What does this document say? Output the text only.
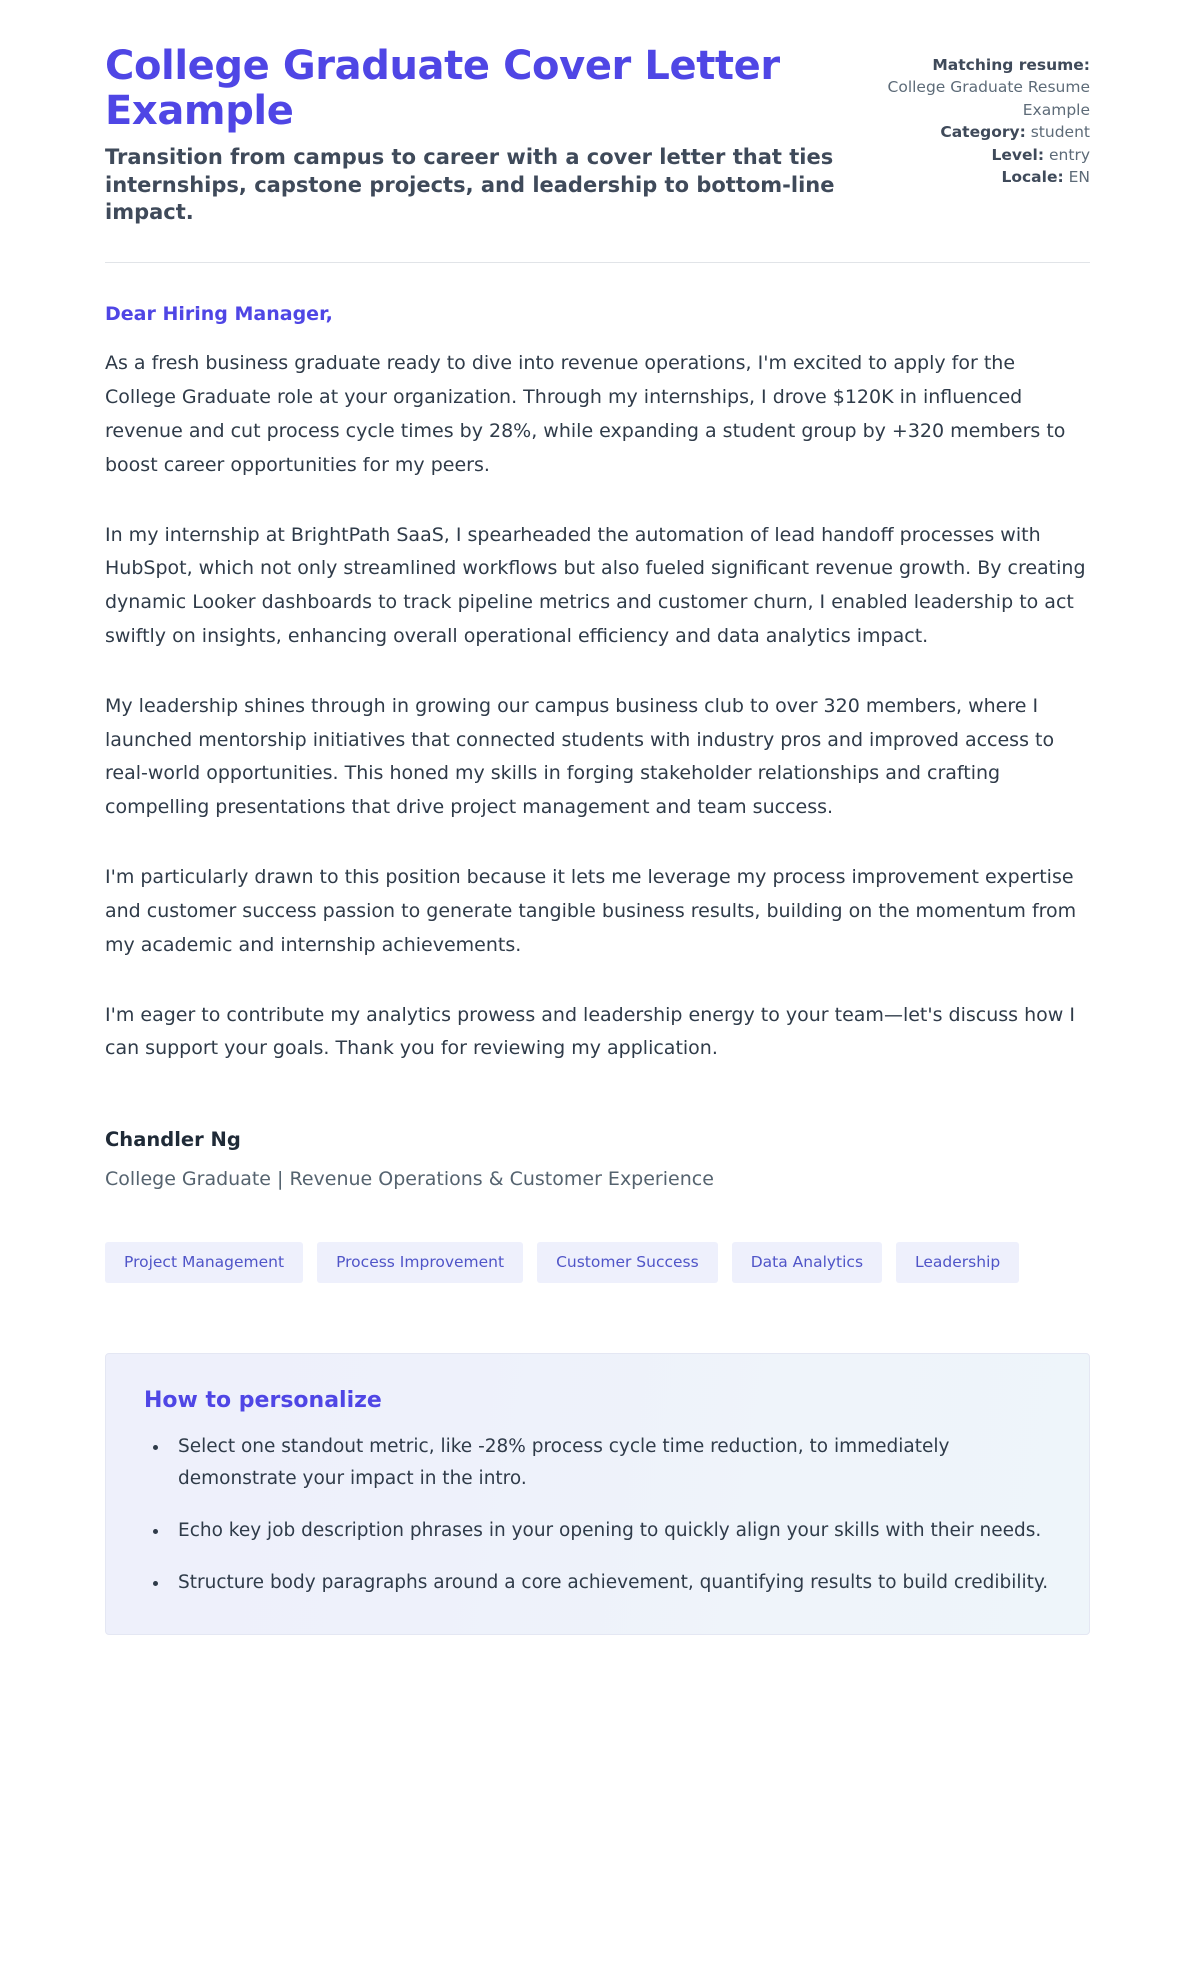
College Graduate Cover Letter Example

Transition from campus to career with a cover letter that ties internships, capstone projects, and leadership to bottom-line impact.

Matching resume:
College Graduate Resume Example
Category: student
Level: entry
Locale: EN

Dear Hiring Manager,

As a fresh business graduate ready to dive into revenue operations, I'm excited to apply for the College Graduate role at your organization. Through my internships, I drove $120K in influenced revenue and cut process cycle times by 28%, while expanding a student group by +320 members to boost career opportunities for my peers.

In my internship at BrightPath SaaS, I spearheaded the automation of lead handoff processes with HubSpot, which not only streamlined workflows but also fueled significant revenue growth. By creating dynamic Looker dashboards to track pipeline metrics and customer churn, I enabled leadership to act swiftly on insights, enhancing overall operational efficiency and data analytics impact.

My leadership shines through in growing our campus business club to over 320 members, where I launched mentorship initiatives that connected students with industry pros and improved access to real-world opportunities. This honed my skills in forging stakeholder relationships and crafting compelling presentations that drive project management and team success.

I'm particularly drawn to this position because it lets me leverage my process improvement expertise and customer success passion to generate tangible business results, building on the momentum from my academic and internship achievements.

I'm eager to contribute my analytics prowess and leadership energy to your team—let's discuss how I can support your goals. Thank you for reviewing my application.

Chandler Ng

College Graduate | Revenue Operations & Customer Experience

Project Management	Process Improvement	Customer Success	Data Analytics	Leadership
How to personalize
• Select one standout metric, like -28% process cycle time reduction, to immediately demonstrate your impact in the intro.
• Echo key job description phrases in your opening to quickly align your skills with their needs.
• Structure body paragraphs around a core achievement, quantifying results to build credibility.
